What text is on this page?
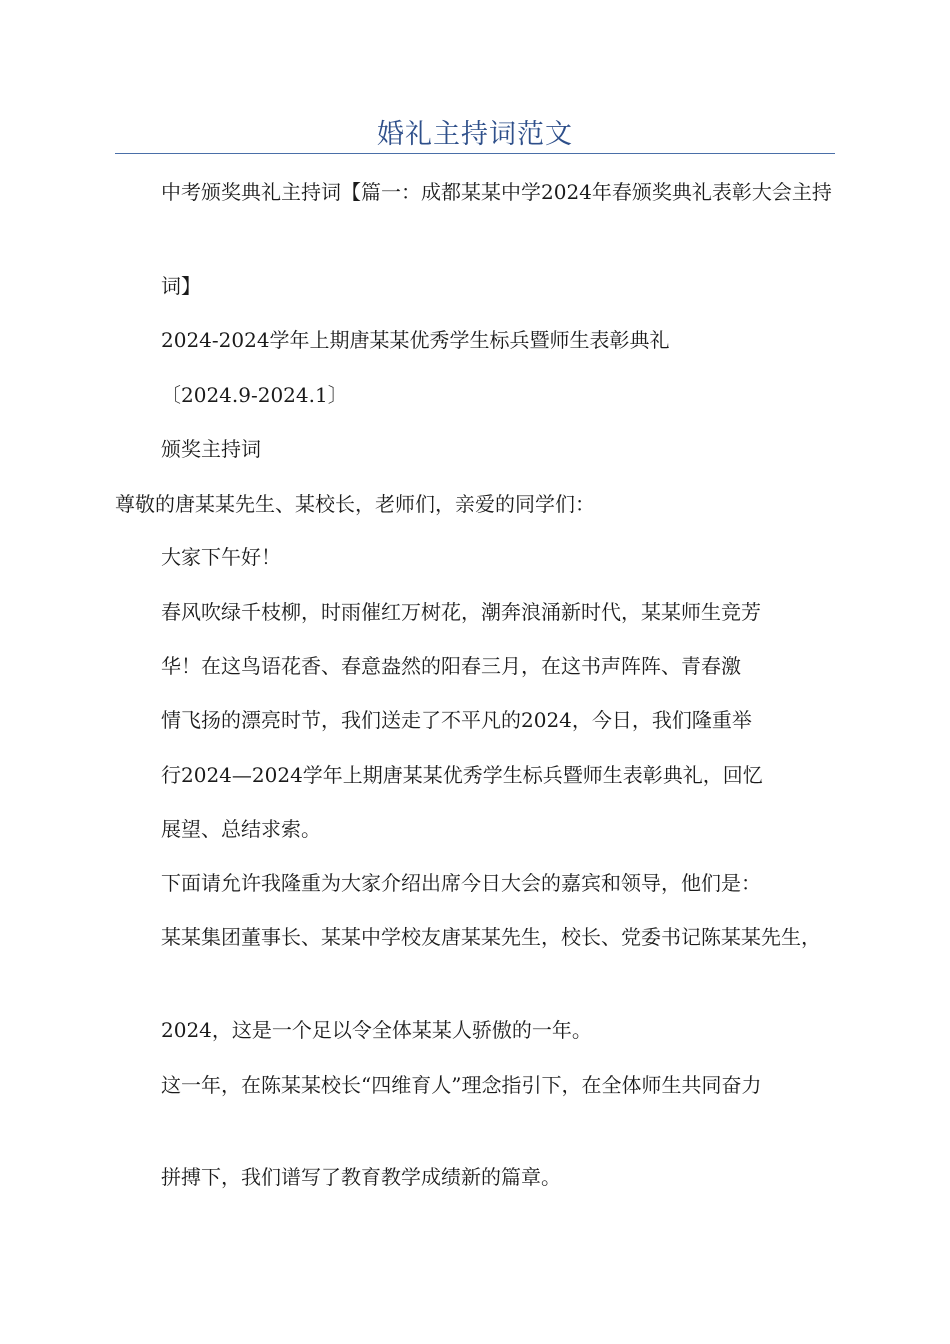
婚礼主持词范文

中考颁奖典礼主持词【篇一：成都某某中学2024年春颁奖典礼表彰大会主持

词】

2024-2024学年上期唐某某优秀学生标兵暨师生表彰典礼

〔2024.9-2024.1〕

颁奖主持词

尊敬的唐某某先生、某校长，老师们，亲爱的同学们：

大家下午好！

春风吹绿千枝柳，时雨催红万树花，潮奔浪涌新时代，某某师生竞芳

华！在这鸟语花香、春意盎然的阳春三月，在这书声阵阵、青春激

情飞扬的漂亮时节，我们送走了不平凡的2024，今日，我们隆重举

行2024—2024学年上期唐某某优秀学生标兵暨师生表彰典礼，回忆

展望、总结求索。

下面请允许我隆重为大家介绍出席今日大会的嘉宾和领导，他们是：

某某集团董事长、某某中学校友唐某某先生，校长、党委书记陈某某先生，

2024，这是一个足以令全体某某人骄傲的一年。

这一年，在陈某某校长“四维育人”理念指引下，在全体师生共同奋力

拼搏下，我们谱写了教育教学成绩新的篇章。
